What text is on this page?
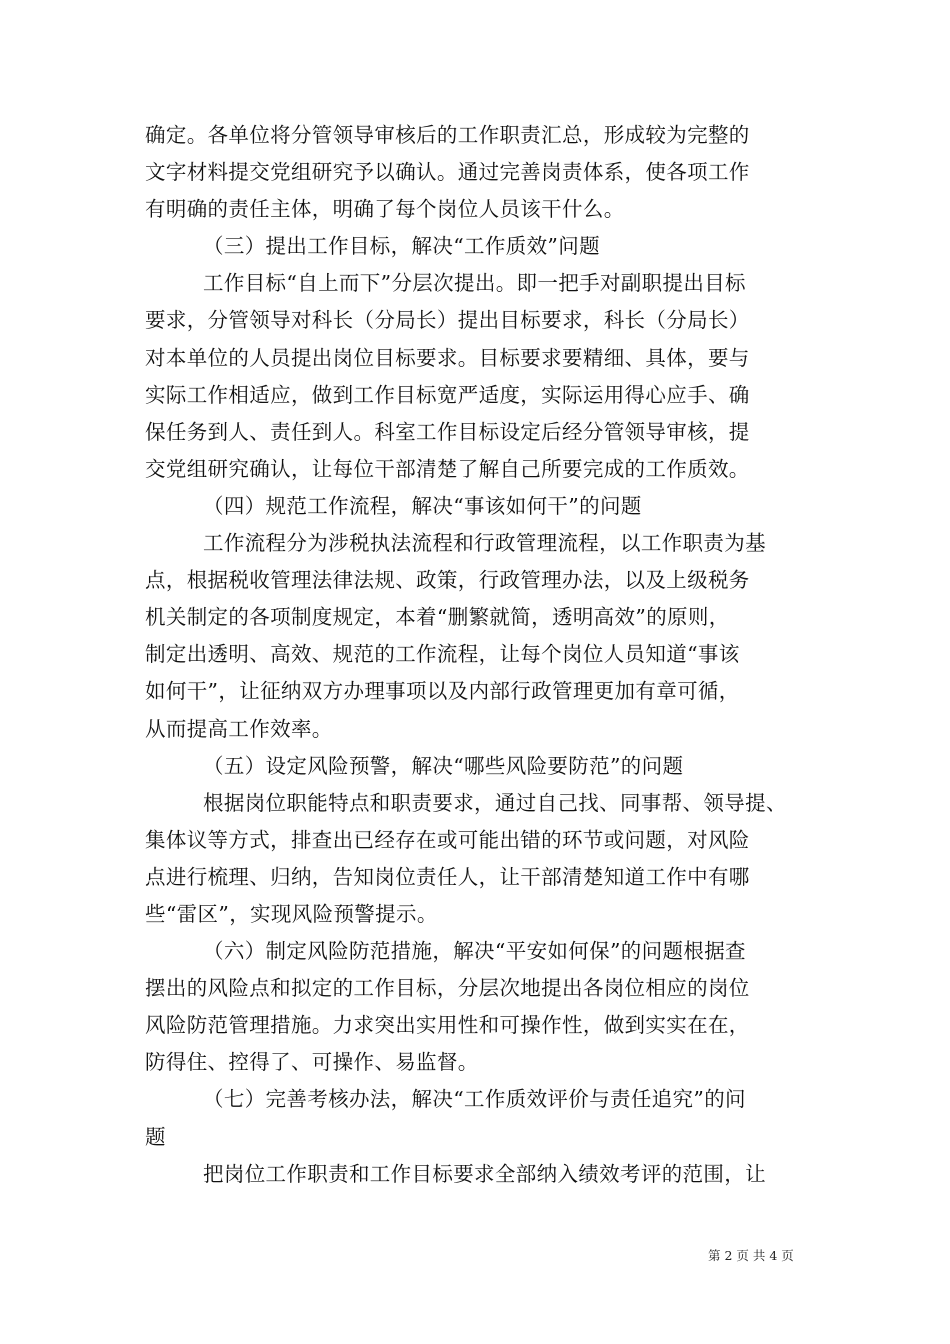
确定。各单位将分管领导审核后的工作职责汇总，形成较为完整的
文字材料提交党组研究予以确认。通过完善岗责体系，使各项工作
有明确的责任主体，明确了每个岗位人员该干什么。
（三）提出工作目标，解决“工作质效”问题
工作目标“自上而下”分层次提出。即一把手对副职提出目标
要求，分管领导对科长（分局长）提出目标要求，科长（分局长）
对本单位的人员提出岗位目标要求。目标要求要精细、具体，要与
实际工作相适应，做到工作目标宽严适度，实际运用得心应手、确
保任务到人、责任到人。科室工作目标设定后经分管领导审核，提
交党组研究确认，让每位干部清楚了解自己所要完成的工作质效。
（四）规范工作流程，解决“事该如何干”的问题
工作流程分为涉税执法流程和行政管理流程，以工作职责为基
点，根据税收管理法律法规、政策，行政管理办法，以及上级税务
机关制定的各项制度规定，本着“删繁就简，透明高效”的原则，
制定出透明、高效、规范的工作流程，让每个岗位人员知道“事该
如何干”，让征纳双方办理事项以及内部行政管理更加有章可循，
从而提高工作效率。
（五）设定风险预警，解决“哪些风险要防范”的问题
根据岗位职能特点和职责要求，通过自己找、同事帮、领导提、
集体议等方式，排查出已经存在或可能出错的环节或问题，对风险
点进行梳理、归纳，告知岗位责任人，让干部清楚知道工作中有哪
些“雷区”，实现风险预警提示。
（六）制定风险防范措施，解决“平安如何保”的问题根据查
摆出的风险点和拟定的工作目标，分层次地提出各岗位相应的岗位
风险防范管理措施。力求突出实用性和可操作性，做到实实在在，
防得住、控得了、可操作、易监督。
（七）完善考核办法，解决“工作质效评价与责任追究”的问
题
把岗位工作职责和工作目标要求全部纳入绩效考评的范围，让
第 2 页 共 4 页
